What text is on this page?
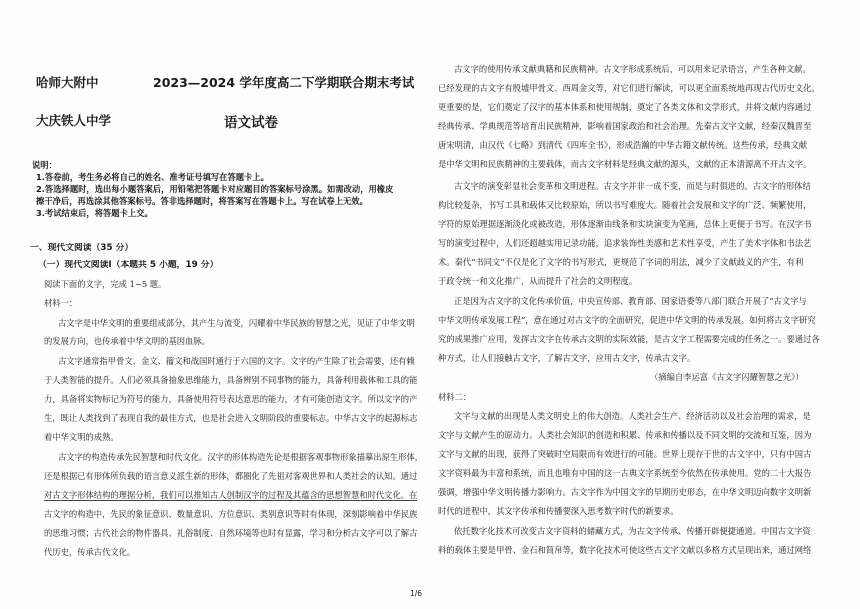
哈师大附中	2023—2024 学年度高二下学期联合期末考试
大庆铁人中学	语文试卷
说明：
1.答卷前，考生务必将自己的姓名、准考证号填写在答题卡上。
2.答选择题时，选出每小题答案后，用铅笔把答题卡对应题目的答案标号涂黑。如需改动，用橡皮
擦干净后，再选涂其他答案标号。答非选择题时，将答案写在答题卡上。写在试卷上无效。
3.考试结束后，将答题卡上交。
一、现代文阅读（35 分）
（一）现代文阅读Ⅰ（本题共 5 小题，19 分）
阅读下面的文字，完成 1~5 题。
材料一：
古文字是中华文明的重要组成部分，其产生与流变，闪耀着中华民族的智慧之光，见证了中华文明
的发展方向，也传承着中华文明的基因血脉。
古文字通常指甲骨文、金文、籀文和战国时通行于六国的文字。文字的产生除了社会需要，还有赖
于人类智能的提升。人们必须具备抽象思维能力，具备辨别不同事物的能力，具备利用载体和工具的能
力，具备将实物标记为符号的能力，具备使用符号表达意思的能力，才有可能创造文字。所以文字的产
生，既让人类找到了表现自我的最佳方式，也是社会进入文明阶段的重要标志。中华古文字的起源标志
着中华文明的成熟。
古文字的构造传承先民智慧和时代文化。汉字的形体构造先论是根据客观事物形象描摹出原生形体，
还是根据已有形体所负载的语言意义派生新的形体，都圈化了先祖对客观世界和人类社会的认知。通过
对古文字形体结构的理据分析，我们可以推知古人创制汉字的过程及其蕴含的思想智慧和时代文化。在
古文字的构造中，先民的象征意识、数量意识、方位意识、类别意识等时有体现，深刻影响着中华民族
的思维习惯；古代社会的物件器具、礼俗制度、自然环境等也时有显露，学习和分析古文字可以了解古
代历史，传承古代文化。
古文字的使用传承文献典籍和民族精神。古文字形成系统后，可以用来记录语言，产生各种文献。
已经发现的古文字有殷墟甲骨文、西周金文等，对它们进行解读，可以更全面系统地再现古代历史文化。
更重要的是，它们奠定了汉字的基本体系和使用规制，奠定了各类文体和文学形式，并将文献内容通过
经典传承、学典规范等培育出民族精神，影响着国家政治和社会治理。先秦古文字文献，经秦汉魏晋至
唐宋明清，由汉代《七略》到清代《四库全书》，形成浩瀚的中华古籍文献传统。这些传承，经典文献
是中华文明和民族精神的主要载体，而古文字材料是经典文献的源头，文献的正本清源离不开古文字。
古文字的演变彰显社会变革和文明进程。古文字并非一成不变，而是与时俱进的。古文字的形体结
构比较复杂，书写工具和载体又比较原始，所以书写难度大。随着社会发展和文字的广泛、频繁使用，
字符的原始理据逐渐淡化或被改造，形体逐渐由线条和实块演变为笔画，总体上更便于书写。在汉字书
写的演变过程中，人们还超越实用记录功能，追求装饰性美感和艺术性享受，产生了美术字体和书法艺
术。秦代“书同文”不仅是化了文字的书写形式，更规范了字词的用法，减少了文献歧义的产生，有利
于政令统一和文化推广，从而提升了社会的文明程度。
正是因为古文字的文化传承价值，中央宣传部、教育部、国家语委等八部门联合开展了“古文字与
中华文明传承发展工程”，意在通过对古文字的全面研究，促进中华文明的传承发展。如何将古文字研究
究的成果推广应用，发挥古文字在传承古文明的实际效能，是古文字工程需要完成的任务之一。要通过各
种方式，让人们接触古文字，了解古文字，应用古文字，传承古文字。
（摘编自李运富《古文字闪耀智慧之光》）
材料二：
文字与文献的出现是人类文明史上的伟大创造。人类社会生产、经济活动以及社会治理的需求，是
文字与文献产生的原动力。人类社会知识的创造和积累、传承和传播以及不同文明的交流和互鉴，因为
文字与文献的出现，获得了突破时空局限而有效进行的可能。世界上现存于世的古文字中，只有中国古
文字资料最为丰富和系统，而且也唯有中国的这一古典文字系统至今依然在传承使用。党的二十大报告
强调，增强中华文明传播力影响力。古文字作为中国文字的早期历史形态，在中华文明迈向数字文明新
时代的进程中，其文字传承和传播要深入思考数字时代的新要求。
依托数字化技术可改变古文字资料的储藏方式，为古文字传承、传播开辟便捷通道。中国古文字资
料的载体主要是甲骨、金石和简帛等，数字化技术可使这些古文字文献以多格方式呈现出来，通过网络
1/6
